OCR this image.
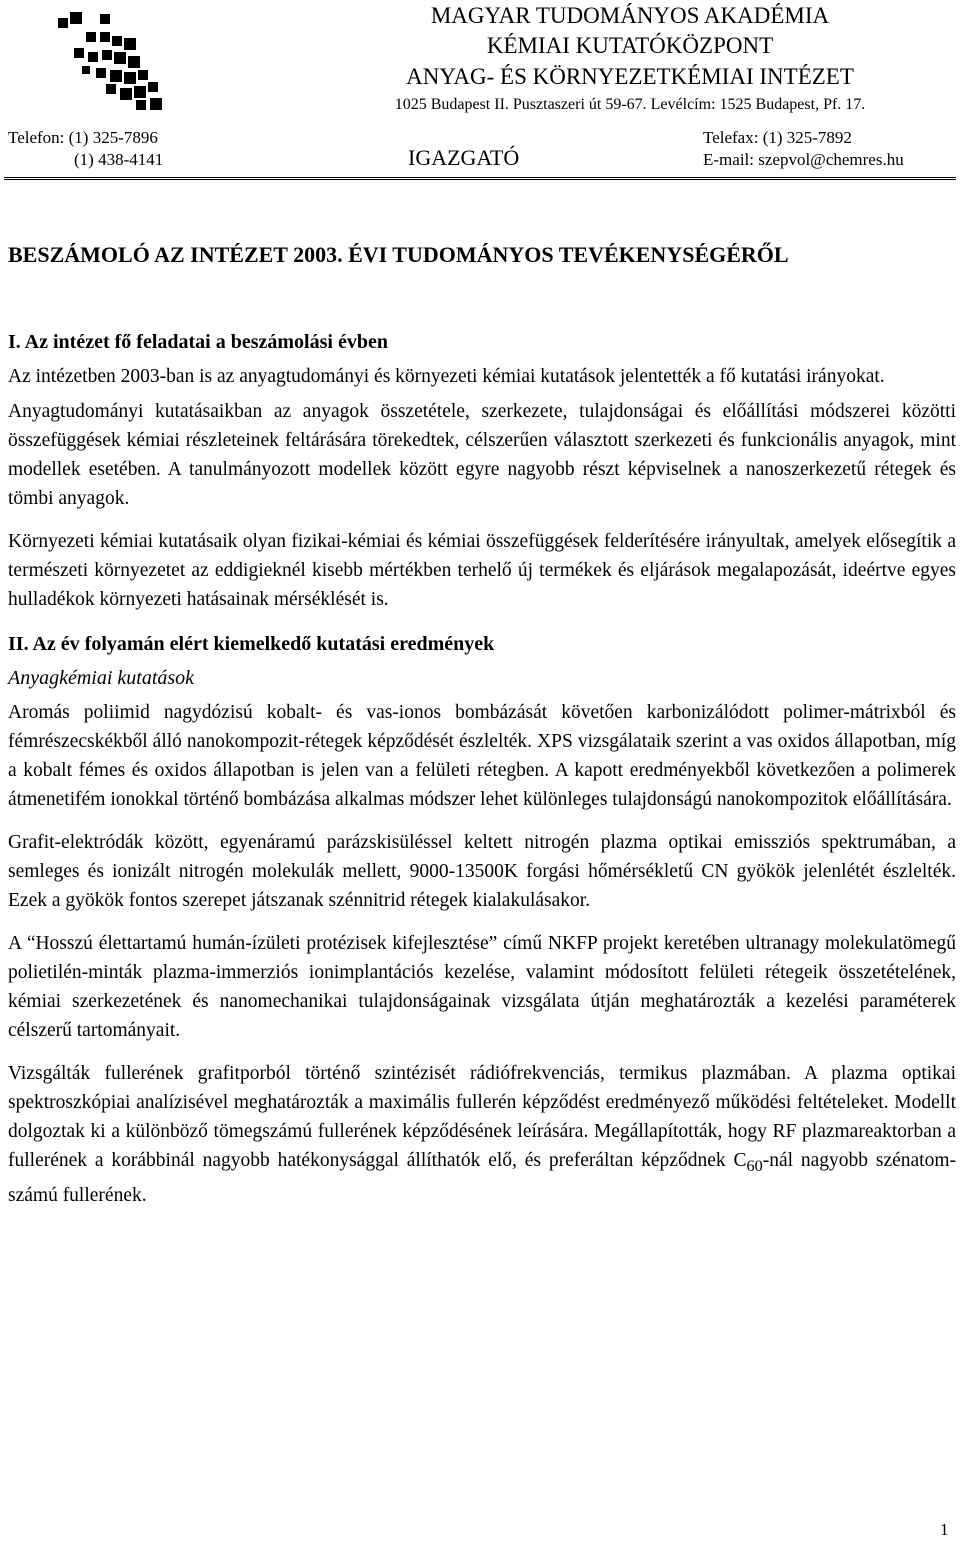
MAGYAR TUDOMÁNYOS AKADÉMIA
KÉMIAI KUTATÓKÖZPONT
ANYAG- ÉS KÖRNYEZETKÉMIAI INTÉZET
1025 Budapest II. Pusztaszeri út 59-67. Levélcím: 1525 Budapest, Pf. 17.
Telefon: (1) 325-7896
(1) 438-4141	IGAZGATÓ
Telefax: (1) 325-7892
E-mail: szepvol@chemres.hu
BESZÁMOLÓ AZ INTÉZET 2003. ÉVI TUDOMÁNYOS TEVÉKENYSÉGÉRŐL

I. Az intézet fő feladatai a beszámolási évben

Az intézetben 2003-ban is az anyagtudományi és környezeti kémiai kutatások jelentették a fő kutatási irányokat.

Anyagtudományi kutatásaikban az anyagok összetétele, szerkezete, tulajdonságai és előállítási módszerei közötti összefüggések kémiai részleteinek feltárására törekedtek, célszerűen választott szerkezeti és funkcionális anyagok, mint modellek esetében. A tanulmányozott modellek között egyre nagyobb részt képviselnek a nanoszerkezetű rétegek és tömbi anyagok.

Környezeti kémiai kutatásaik olyan fizikai-kémiai és kémiai összefüggések felderítésére irányultak, amelyek elősegítik a természeti környezetet az eddigieknél kisebb mértékben terhelő új termékek és eljárások megalapozását, ideértve egyes hulladékok környezeti hatásainak mérséklését is.

II. Az év folyamán elért kiemelkedő kutatási eredmények

Anyagkémiai kutatások

Aromás poliimid nagydózisú kobalt- és vas-ionos bombázását követően karbonizálódott polimer-mátrixból és fémrészecskékből álló nanokompozit-rétegek képződését észlelték. XPS vizsgálataik szerint a vas oxidos állapotban, míg a kobalt fémes és oxidos állapotban is jelen van a felületi rétegben. A kapott eredményekből következően a polimerek átmenetifém ionokkal történő bombázása alkalmas módszer lehet különleges tulajdonságú nanokompozitok előállítására.

Grafit-elektródák között, egyenáramú parázskisüléssel keltett nitrogén plazma optikai emissziós spektrumában, a semleges és ionizált nitrogén molekulák mellett, 9000-13500K forgási hőmérsékletű CN gyökök jelenlétét észlelték. Ezek a gyökök fontos szerepet játszanak szénnitrid rétegek kialakulásakor.

A “Hosszú élettartamú humán-ízületi protézisek kifejlesztése” című NKFP projekt keretében ultranagy molekulatömegű polietilén-minták plazma-immerziós ionimplantációs kezelése, valamint módosított felületi rétegeik összetételének, kémiai szerkezetének és nanomechanikai tulajdonságainak vizsgálata útján meghatározták a kezelési paraméterek célszerű tartományait.

Vizsgálták fullerének grafitporból történő szintézisét rádiófrekvenciás, termikus plazmában. A plazma optikai spektroszkópiai analízisével meghatározták a maximális fullerén képződést eredményező működési feltételeket. Modellt dolgoztak ki a különböző tömegszámú fullerének képződésének leírására. Megállapították, hogy RF plazmareaktorban a fullerének a korábbinál nagyobb hatékonysággal állíthatók elő, és preferáltan képződnek $C_{60}$-nál nagyobb szénatom-számú fullerének.

1
